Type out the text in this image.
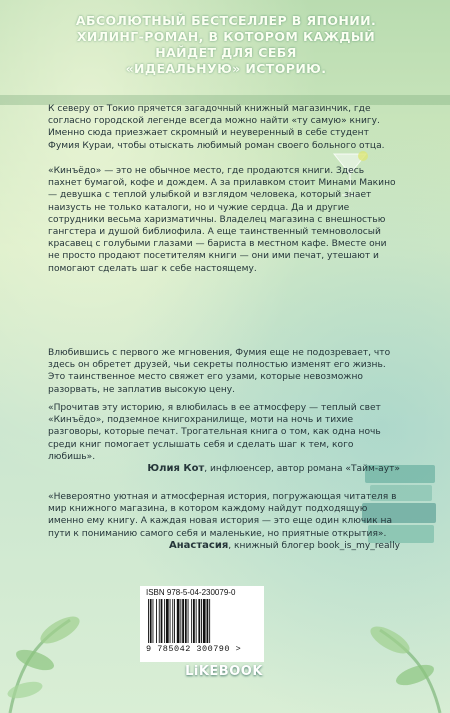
АБСОЛЮТНЫЙ БЕСТСЕЛЛЕР В ЯПОНИИ.
ХИЛИНГ-РОМАН, В КОТОРОМ КАЖДЫЙ
НАЙДЕТ ДЛЯ СЕБЯ
«ИДЕАЛЬНУЮ» ИСТОРИЮ.

К северу от Токио прячется загадочный книжный магазинчик, где согласно городской легенде всегда можно найти «ту самую» книгу. Именно сюда приезжает скромный и неуверенный в себе студент Фумия Кураи, чтобы отыскать любимый роман своего больного отца.

«Кинъёдо» — это не обычное место, где продаются книги. Здесь пахнет бумагой, кофе и дождем. А за прилавком стоит Минами Макино — девушка с теплой улыбкой и взглядом человека, который знает наизусть не только каталоги, но и чужие сердца. Да и другие сотрудники весьма харизматичны. Владелец магазина с внешностью гангстера и душой библиофила. А еще таинственный темноволосый красавец с голубыми глазами — бариста в местном кафе. Вместе они не просто продают посетителям книги — они ими печат, утешают и помогают сделать шаг к себе настоящему.

Влюбившись с первого же мгновения, Фумия еще не подозревает, что здесь он обретет друзей, чьи секреты полностью изменят его жизнь. Это таинственное место свяжет его узами, которые невозможно разорвать, не заплатив высокую цену.

«Прочитав эту историю, я влюбилась в ее атмосферу — теплый свет «Кинъёдо», подземное книгохранилище, моти на ночь и тихие разговоры, которые печат. Трогательная книга о том, как одна ночь среди книг помогает услышать себя и сделать шаг к тем, кого любишь».

Юлия Кот, инфлюенсер, автор романа «Тайм-аут»

«Невероятно уютная и атмосферная история, погружающая читателя в мир книжного магазина, в котором каждому найдут подходящую именно ему книгу. А каждая новая история — это еще один ключик на пути к пониманию самого себя и маленькие, но приятные открытия».

Анастасия, книжный блогер book_is_my_really
ISBN 978-5-04-230079-0
9 785042 300790 >
LiKEBOOK
